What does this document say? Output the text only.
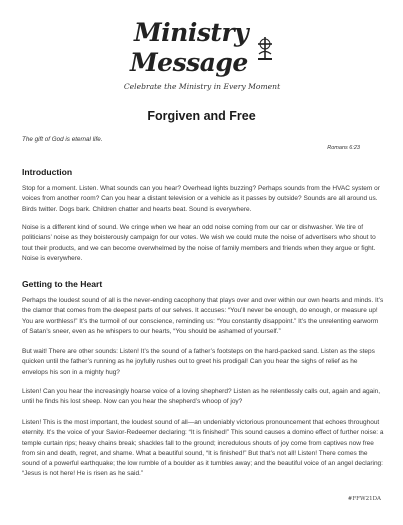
Ministry
Message
Celebrate the Ministry in Every Moment
Forgiven and Free

The gift of God is eternal life.

Romans 6:23

Introduction

Stop for a moment. Listen. What sounds can you hear? Overhead lights buzzing? Perhaps sounds from the HVAC system or voices from another room? Can you hear a distant television or a vehicle as it passes by outside? Sounds are all around us. Birds twitter. Dogs bark. Children chatter and hearts beat. Sound is everywhere.

Noise is a different kind of sound. We cringe when we hear an odd noise coming from our car or dishwasher. We tire of politicians’ noise as they boisterously campaign for our votes. We wish we could mute the noise of advertisers who shout to tout their products, and we can become overwhelmed by the noise of family members and friends when they argue or fight. Noise is everywhere.

Getting to the Heart

Perhaps the loudest sound of all is the never-ending cacophony that plays over and over within our own hearts and minds. It’s the clamor that comes from the deepest parts of our selves. It accuses: “You’ll never be enough, do enough, or measure up! You are worthless!” It’s the turmoil of our conscience, reminding us: “You constantly disappoint.” It’s the unrelenting earworm of Satan’s sneer, even as he whispers to our hearts, “You should be ashamed of yourself.”

But wait! There are other sounds: Listen! It’s the sound of a father’s footsteps on the hard-packed sand. Listen as the steps quicken until the father’s running as he joyfully rushes out to greet his prodigal! Can you hear the sighs of relief as he envelops his son in a mighty hug?

Listen! Can you hear the increasingly hoarse voice of a loving shepherd? Listen as he relentlessly calls out, again and again, until he finds his lost sheep. Now can you hear the shepherd’s whoop of joy?

Listen! This is the most important, the loudest sound of all—an undeniably victorious pronouncement that echoes throughout eternity. It’s the voice of your Savior-Redeemer declaring: “It is finished!” This sound causes a domino effect of further noise: a temple curtain rips; heavy chains break; shackles fall to the ground; incredulous shouts of joy come from captives now free from sin and death, regret, and shame. What a beautiful sound, “It is finished!” But that’s not all! Listen! There comes the sound of a powerful earthquake; the low rumble of a boulder as it tumbles away; and the beautiful voice of an angel declaring: “Jesus is not here! He is risen as he said.”

#FFW21DA
